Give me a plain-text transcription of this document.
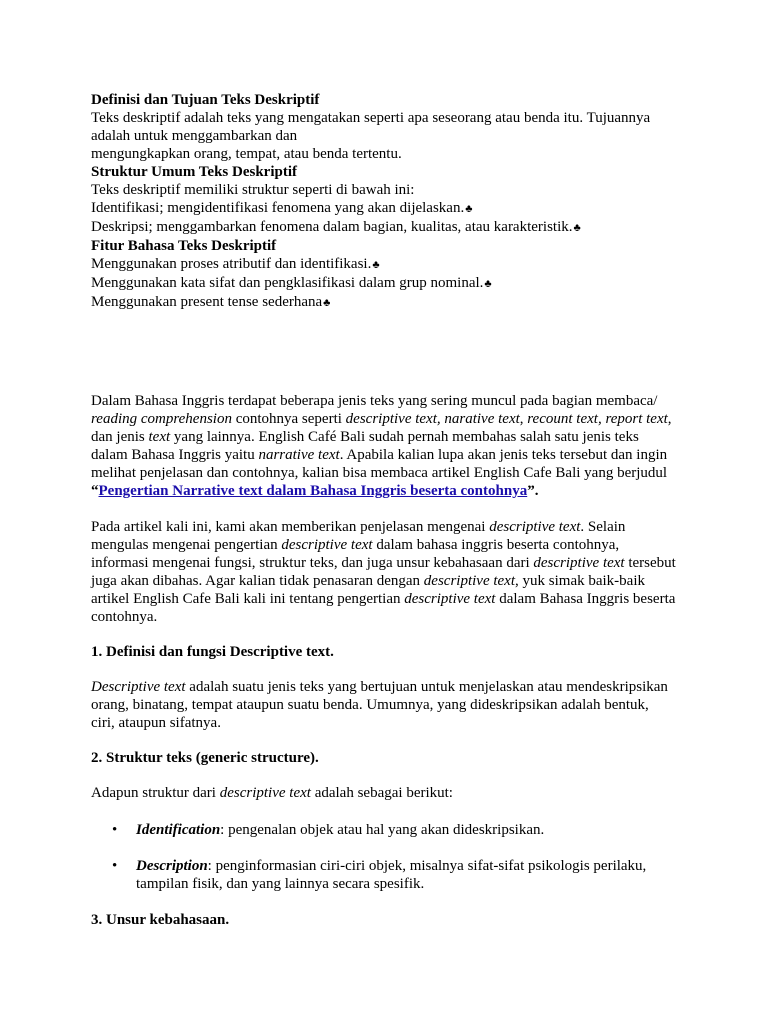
Definisi dan Tujuan Teks Deskriptif
Teks deskriptif adalah teks yang mengatakan seperti apa seseorang atau benda itu. Tujuannya
adalah untuk menggambarkan dan
mengungkapkan orang, tempat, atau benda tertentu.
Struktur Umum Teks Deskriptif
Teks deskriptif memiliki struktur seperti di bawah ini:
Identifikasi; mengidentifikasi fenomena yang akan dijelaskan.♣
Deskripsi; menggambarkan fenomena dalam bagian, kualitas, atau karakteristik.♣
Fitur Bahasa Teks Deskriptif
Menggunakan proses atributif dan identifikasi.♣
Menggunakan kata sifat dan pengklasifikasi dalam grup nominal.♣
Menggunakan present tense sederhana♣
Dalam Bahasa Inggris terdapat beberapa jenis teks yang sering muncul pada bagian membaca/
reading comprehension contohnya seperti descriptive text, narative text, recount text, report text,
dan jenis text yang lainnya. English Café Bali sudah pernah membahas salah satu jenis teks
dalam Bahasa Inggris yaitu narrative text. Apabila kalian lupa akan jenis teks tersebut dan ingin
melihat penjelasan dan contohnya, kalian bisa membaca artikel English Cafe Bali yang berjudul
“Pengertian Narrative text dalam Bahasa Inggris beserta contohnya”.
Pada artikel kali ini, kami akan memberikan penjelasan mengenai descriptive text. Selain
mengulas mengenai pengertian descriptive text dalam bahasa inggris beserta contohnya,
informasi mengenai fungsi, struktur teks, dan juga unsur kebahasaan dari descriptive text tersebut
juga akan dibahas. Agar kalian tidak penasaran dengan descriptive text, yuk simak baik-baik
artikel English Cafe Bali kali ini tentang pengertian descriptive text dalam Bahasa Inggris beserta
contohnya.
1. Definisi dan fungsi Descriptive text.
Descriptive text adalah suatu jenis teks yang bertujuan untuk menjelaskan atau mendeskripsikan
orang, binatang, tempat ataupun suatu benda. Umumnya, yang dideskripsikan adalah bentuk,
ciri, ataupun sifatnya.
2. Struktur teks (generic structure).
Adapun struktur dari descriptive text adalah sebagai berikut:
• Identification: pengenalan objek atau hal yang akan dideskripsikan.
• Description: penginformasian ciri-ciri objek, misalnya sifat-sifat psikologis perilaku,
tampilan fisik, dan yang lainnya secara spesifik.
3. Unsur kebahasaan.
